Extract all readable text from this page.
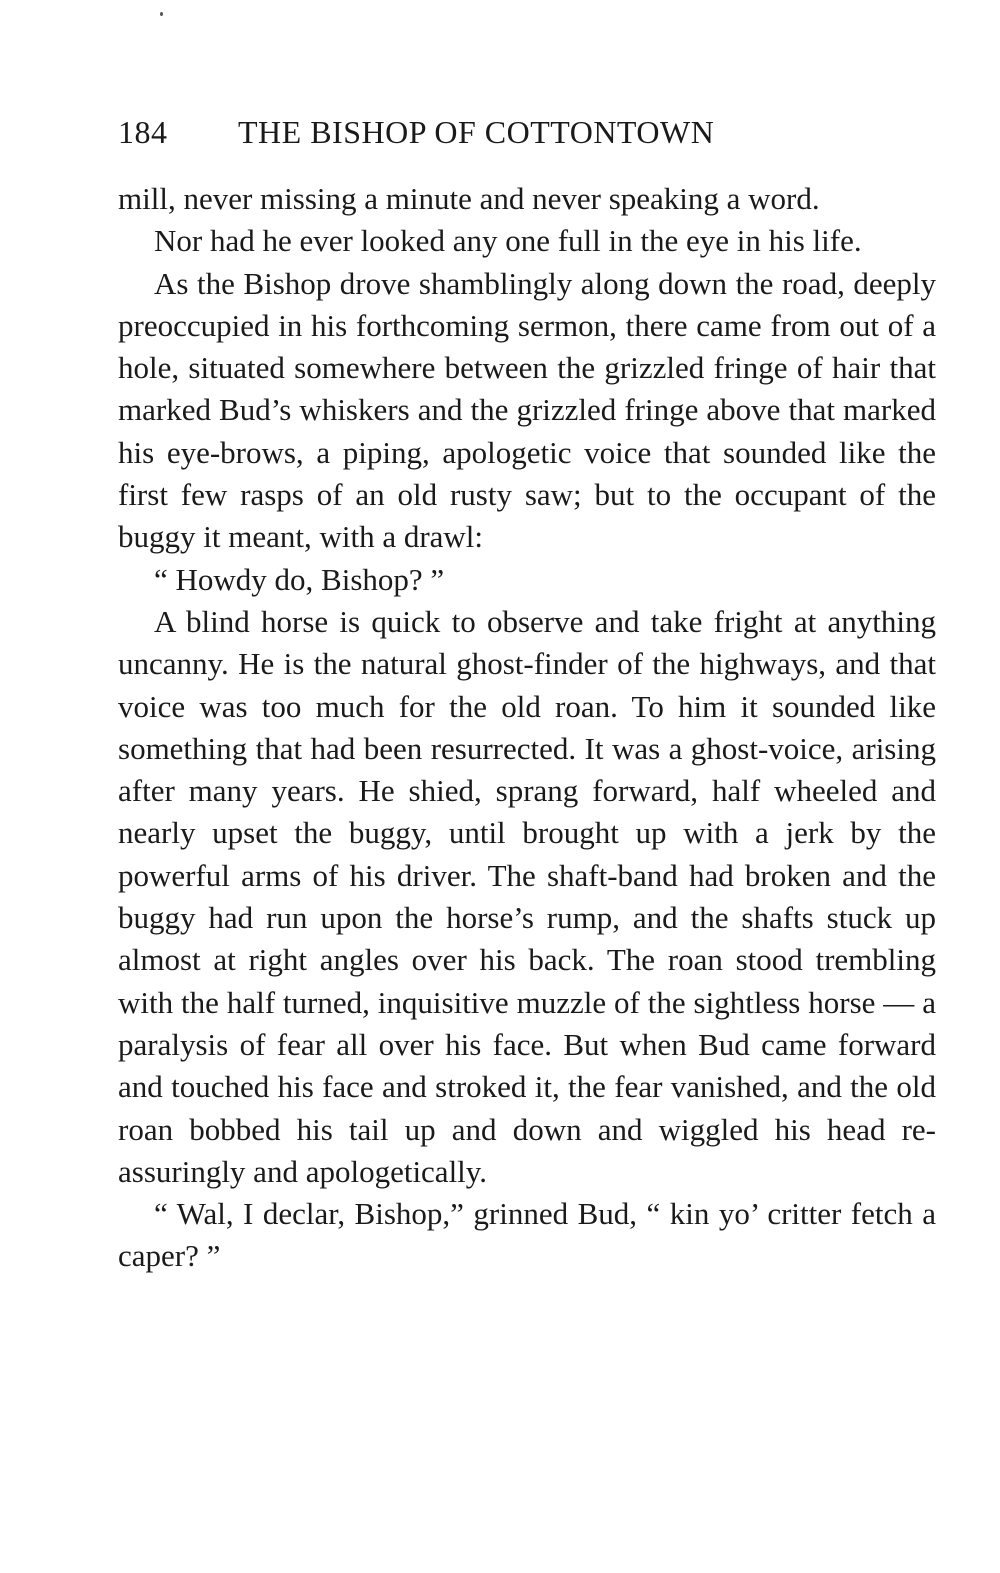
184 THE BISHOP OF COTTONTOWN

mill, never missing a minute and never speaking a word.

Nor had he ever looked any one full in the eye in his life.

As the Bishop drove shamblingly along down the road, deeply preoccupied in his forthcoming sermon, there came from out of a hole, situated somewhere between the grizzled fringe of hair that marked Bud’s whiskers and the grizzled fringe above that marked his eye-brows, a piping, apologetic voice that sounded like the first few rasps of an old rusty saw; but to the occupant of the buggy it meant, with a drawl:

“ Howdy do, Bishop? ”

A blind horse is quick to observe and take fright at anything uncanny. He is the natural ghost-finder of the highways, and that voice was too much for the old roan. To him it sounded like something that had been resurrected. It was a ghost-voice, arising after many years. He shied, sprang forward, half wheeled and nearly upset the buggy, until brought up with a jerk by the powerful arms of his driver. The shaft-band had broken and the buggy had run upon the horse’s rump, and the shafts stuck up almost at right angles over his back. The roan stood trembling with the half turned, inquisitive muzzle of the sightless horse — a paralysis of fear all over his face. But when Bud came forward and touched his face and stroked it, the fear vanished, and the old roan bobbed his tail up and down and wiggled his head re-assuringly and apologetically.

“ Wal, I declar, Bishop,” grinned Bud, “ kin yo’ critter fetch a caper? ”
